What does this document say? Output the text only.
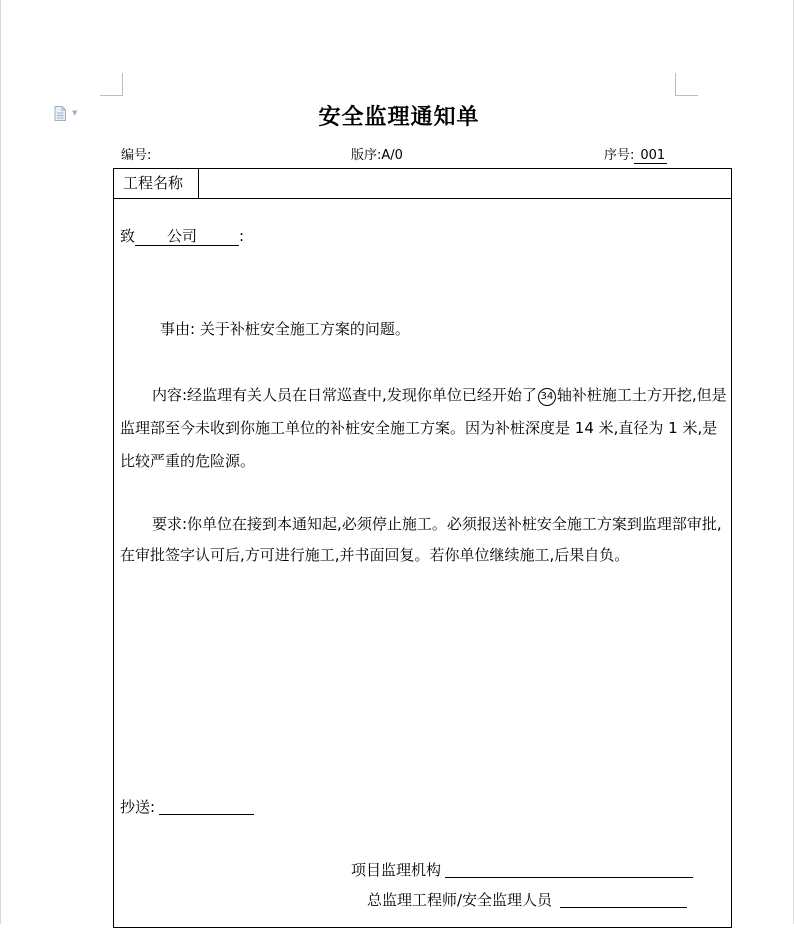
▼	安全监理通知单
编号:	版序:A/0	序号: 001
工程名称
致 公司	:
事由: 关于补桩安全施工方案的问题。
内容:经监理有关人员在日常巡查中,发现你单位已经开始了 34 轴补桩施工土方开挖,但是监理部至今未收到你施工单位的补桩安全施工方案。因为补桩深度是 14 米,直径为 1 米,是比较严重的危险源。
要求:你单位在接到本通知起,必须停止施工。必须报送补桩安全施工方案到监理部审批,在审批签字认可后,方可进行施工,并书面回复。若你单位继续施工,后果自负。
抄送:
项目监理机构
总监理工程师/安全监理人员
